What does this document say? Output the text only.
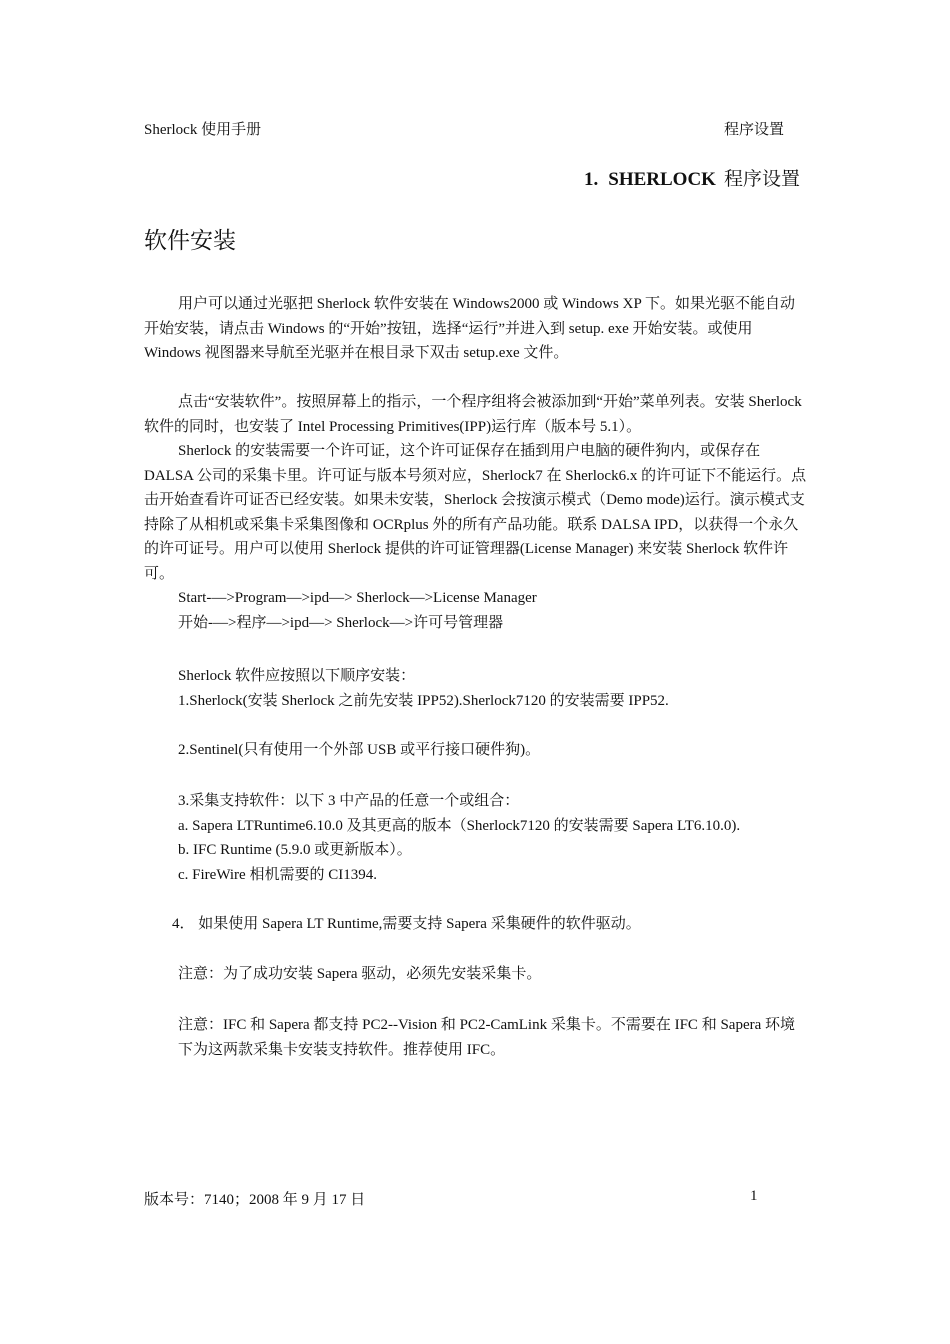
Sherlock 使用手册	程序设置
1. SHERLOCK 程序设置
软件安装

用户可以通过光驱把 Sherlock 软件安装在 Windows2000 或 Windows XP 下。如果光驱不能自动开始安装，请点击 Windows 的“开始”按钮，选择“运行”并进入到 setup. exe 开始安装。或使用 Windows 视图器来导航至光驱并在根目录下双击 setup.exe 文件。

点击“安装软件”。按照屏幕上的指示，一个程序组将会被添加到“开始”菜单列表。安装 Sherlock 软件的同时，也安装了 Intel Processing Primitives(IPP)运行库（版本号 5.1）。

Sherlock 的安装需要一个许可证，这个许可证保存在插到用户电脑的硬件狗内，或保存在 DALSA 公司的采集卡里。许可证与版本号须对应，Sherlock7 在 Sherlock6.x 的许可证下不能运行。点击开始查看许可证否已经安装。如果未安装，Sherlock 会按演示模式（Demo mode)运行。演示模式支持除了从相机或采集卡采集图像和 OCRplus 外的所有产品功能。联系 DALSA IPD，以获得一个永久的许可证号。用户可以使用 Sherlock 提供的许可证管理器(License Manager) 来安装 Sherlock 软件许可。

Start-—>Program—>ipd—> Sherlock—>License Manager

开始-—>程序—>ipd—> Sherlock—>许可号管理器

Sherlock 软件应按照以下顺序安装：

1.Sherlock(安装 Sherlock 之前先安装 IPP52).Sherlock7120 的安装需要 IPP52.

2.Sentinel(只有使用一个外部 USB 或平行接口硬件狗)。

3.采集支持软件：以下 3 中产品的任意一个或组合：

a. Sapera LTRuntime6.10.0 及其更高的版本（Sherlock7120 的安装需要 Sapera LT6.10.0).

b. IFC Runtime (5.9.0 或更新版本）。

c. FireWire 相机需要的 CI1394.

4． 如果使用 Sapera LT Runtime,需要支持 Sapera 采集硬件的软件驱动。

注意：为了成功安装 Sapera 驱动，必须先安装采集卡。

注意：IFC 和 Sapera 都支持 PC2--Vision 和 PC2-CamLink 采集卡。不需要在 IFC 和 Sapera 环境下为这两款采集卡安装支持软件。推荐使用 IFC。

版本号：7140；2008 年 9 月 17 日	1
